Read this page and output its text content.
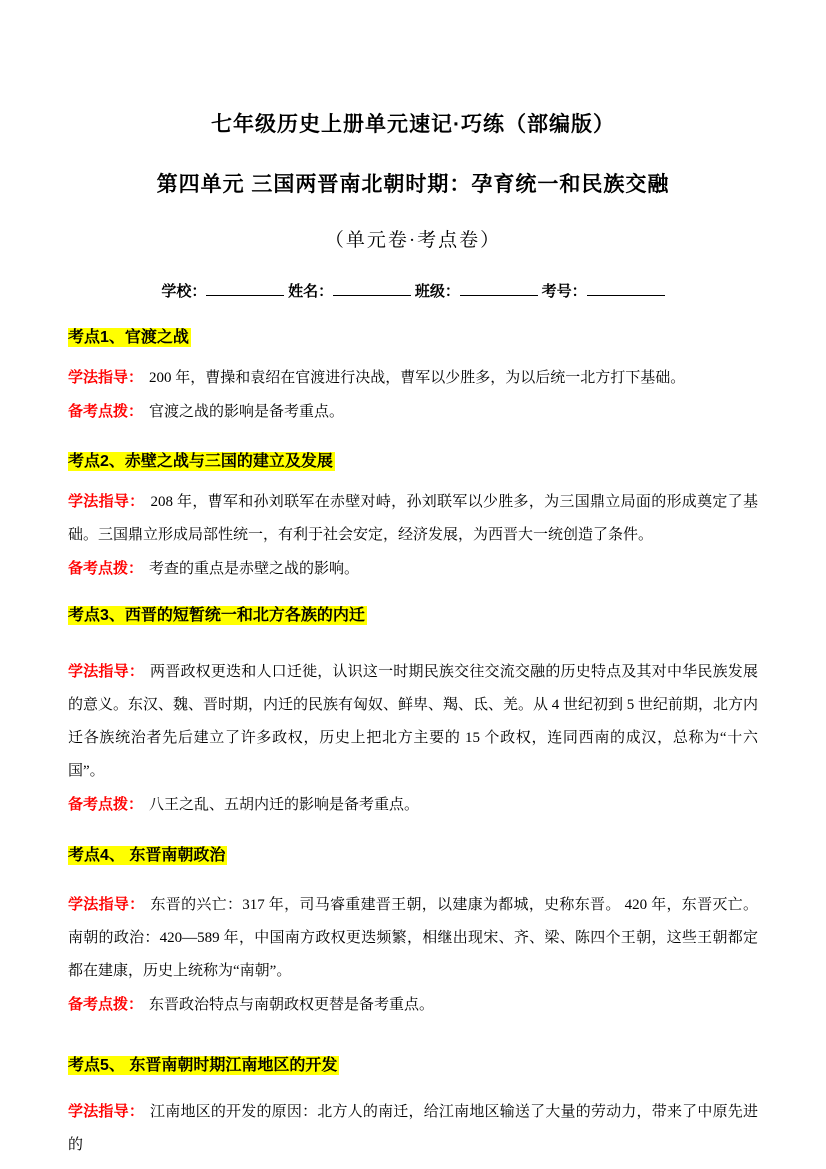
七年级历史上册单元速记·巧练（部编版）
第四单元 三国两晋南北朝时期：孕育统一和民族交融
（单元卷·考点卷）
学校：	姓名：	班级：	考号：
考点1、官渡之战

学法指导： 200 年，曹操和袁绍在官渡进行决战，曹军以少胜多，为以后统一北方打下基础。

备考点拨： 官渡之战的影响是备考重点。

考点2、赤壁之战与三国的建立及发展

学法指导： 208 年，曹军和孙刘联军在赤壁对峙，孙刘联军以少胜多，为三国鼎立局面的形成奠定了基础。三国鼎立形成局部性统一，有利于社会安定，经济发展，为西晋大一统创造了条件。

备考点拨： 考查的重点是赤壁之战的影响。

考点3、西晋的短暂统一和北方各族的内迁

学法指导： 两晋政权更迭和人口迁徙，认识这一时期民族交往交流交融的历史特点及其对中华民族发展的意义。东汉、魏、晋时期，内迁的民族有匈奴、鲜卑、羯、氐、羌。从 4 世纪初到 5 世纪前期，北方内迁各族统治者先后建立了许多政权，历史上把北方主要的 15 个政权，连同西南的成汉，总称为“十六国”。

备考点拨： 八王之乱、五胡内迁的影响是备考重点。

考点4、 东晋南朝政治

学法指导： 东晋的兴亡：317 年，司马睿重建晋王朝，以建康为都城，史称东晋。 420 年，东晋灭亡。南朝的政治：420—589 年，中国南方政权更迭频繁，相继出现宋、齐、梁、陈四个王朝，这些王朝都定都在建康，历史上统称为“南朝”。

备考点拨： 东晋政治特点与南朝政权更替是备考重点。

考点5、 东晋南朝时期江南地区的开发

学法指导： 江南地区的开发的原因：北方人的南迁，给江南地区输送了大量的劳动力，带来了中原先进的
